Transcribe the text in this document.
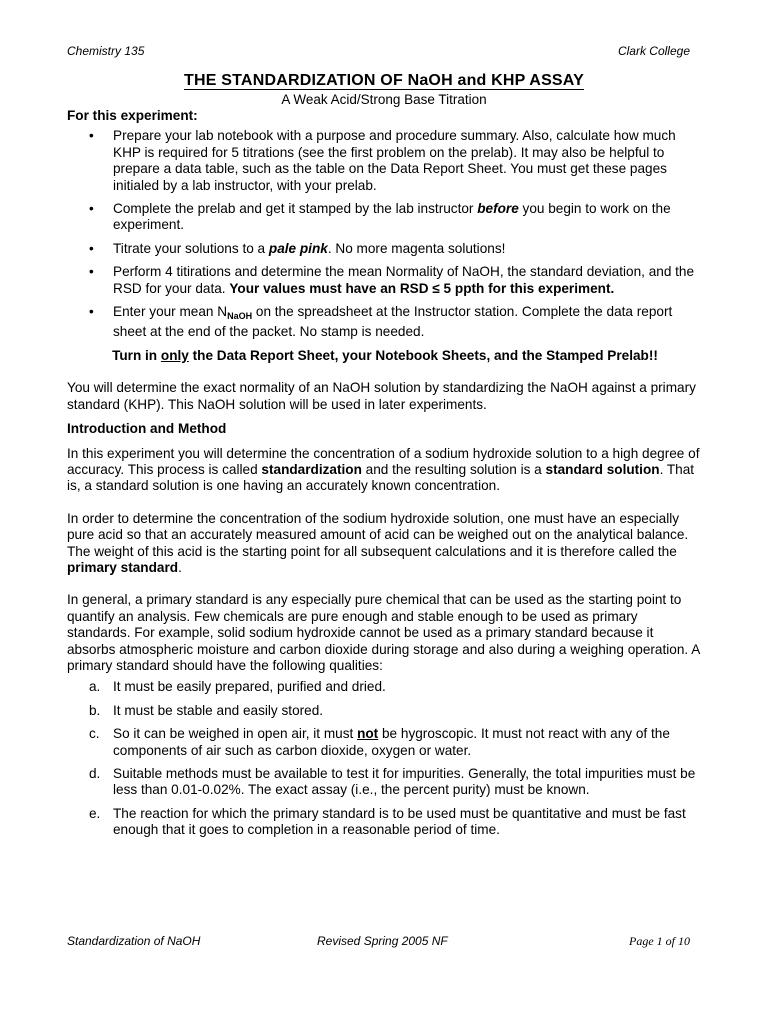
Chemistry 135	Clark College
THE STANDARDIZATION OF NaOH and KHP ASSAY
A Weak Acid/Strong Base Titration

For this experiment:

• Prepare your lab notebook with a purpose and procedure summary. Also, calculate how much KHP is required for 5 titrations (see the first problem on the prelab). It may also be helpful to prepare a data table, such as the table on the Data Report Sheet. You must get these pages initialed by a lab instructor, with your prelab.
• Complete the prelab and get it stamped by the lab instructor before you begin to work on the experiment.
• Titrate your solutions to a pale pink. No more magenta solutions!
• Perform 4 titirations and determine the mean Normality of NaOH, the standard deviation, and the RSD for your data. Your values must have an RSD ≤ 5 ppth for this experiment.
• Enter your mean $N_{NaOH}$ on the spreadsheet at the Instructor station. Complete the data report sheet at the end of the packet. No stamp is needed.

Turn in only the Data Report Sheet, your Notebook Sheets, and the Stamped Prelab!!

You will determine the exact normality of an NaOH solution by standardizing the NaOH against a primary standard (KHP). This NaOH solution will be used in later experiments.

Introduction and Method

In this experiment you will determine the concentration of a sodium hydroxide solution to a high degree of accuracy. This process is called standardization and the resulting solution is a standard solution. That is, a standard solution is one having an accurately known concentration.

In order to determine the concentration of the sodium hydroxide solution, one must have an especially pure acid so that an accurately measured amount of acid can be weighed out on the analytical balance. The weight of this acid is the starting point for all subsequent calculations and it is therefore called the primary standard.

In general, a primary standard is any especially pure chemical that can be used as the starting point to quantify an analysis. Few chemicals are pure enough and stable enough to be used as primary standards. For example, solid sodium hydroxide cannot be used as a primary standard because it absorbs atmospheric moisture and carbon dioxide during storage and also during a weighing operation. A primary standard should have the following qualities:

a. It must be easily prepared, purified and dried.
b. It must be stable and easily stored.
c. So it can be weighed in open air, it must not be hygroscopic. It must not react with any of the components of air such as carbon dioxide, oxygen or water.
d. Suitable methods must be available to test it for impurities. Generally, the total impurities must be less than 0.01-0.02%. The exact assay (i.e., the percent purity) must be known.
e. The reaction for which the primary standard is to be used must be quantitative and must be fast enough that it goes to completion in a reasonable period of time.
Standardization of NaOH	Revised Spring 2005 NF	Page 1 of 10
